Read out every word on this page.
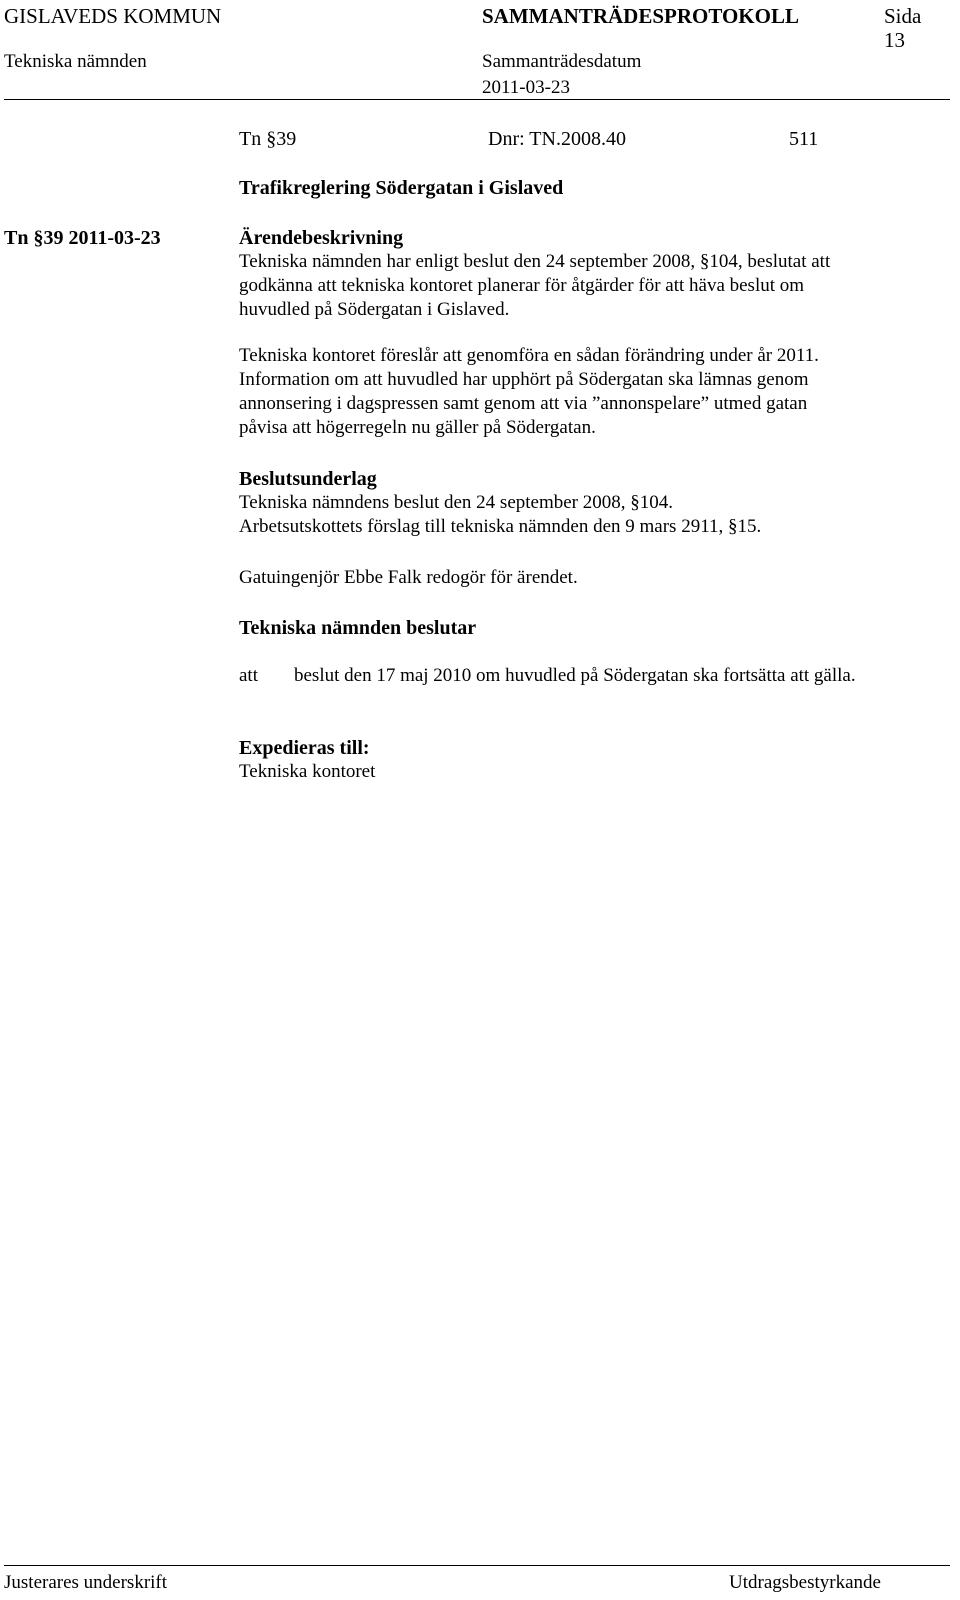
GISLAVEDS KOMMUN	SAMMANTRÄDESPROTOKOLL	Sida
13
Tekniska nämnden	Sammanträdesdatum
2011-03-23
Tn §39	Dnr: TN.2008.40	511
Trafikreglering Södergatan i Gislaved
Tn §39 2011-03-23	Ärendebeskrivning
Tekniska nämnden har enligt beslut den 24 september 2008, §104, beslutat att
godkänna att tekniska kontoret planerar för åtgärder för att häva beslut om
huvudled på Södergatan i Gislaved.
Tekniska kontoret föreslår att genomföra en sådan förändring under år 2011.
Information om att huvudled har upphört på Södergatan ska lämnas genom
annonsering i dagspressen samt genom att via ”annonspelare” utmed gatan
påvisa att högerregeln nu gäller på Södergatan.
Beslutsunderlag
Tekniska nämndens beslut den 24 september 2008, §104.
Arbetsutskottets förslag till tekniska nämnden den 9 mars 2911, §15.
Gatuingenjör Ebbe Falk redogör för ärendet.
Tekniska nämnden beslutar
att beslut den 17 maj 2010 om huvudled på Södergatan ska fortsätta att gälla.
Expedieras till:
Tekniska kontoret
Justerares underskrift	Utdragsbestyrkande
